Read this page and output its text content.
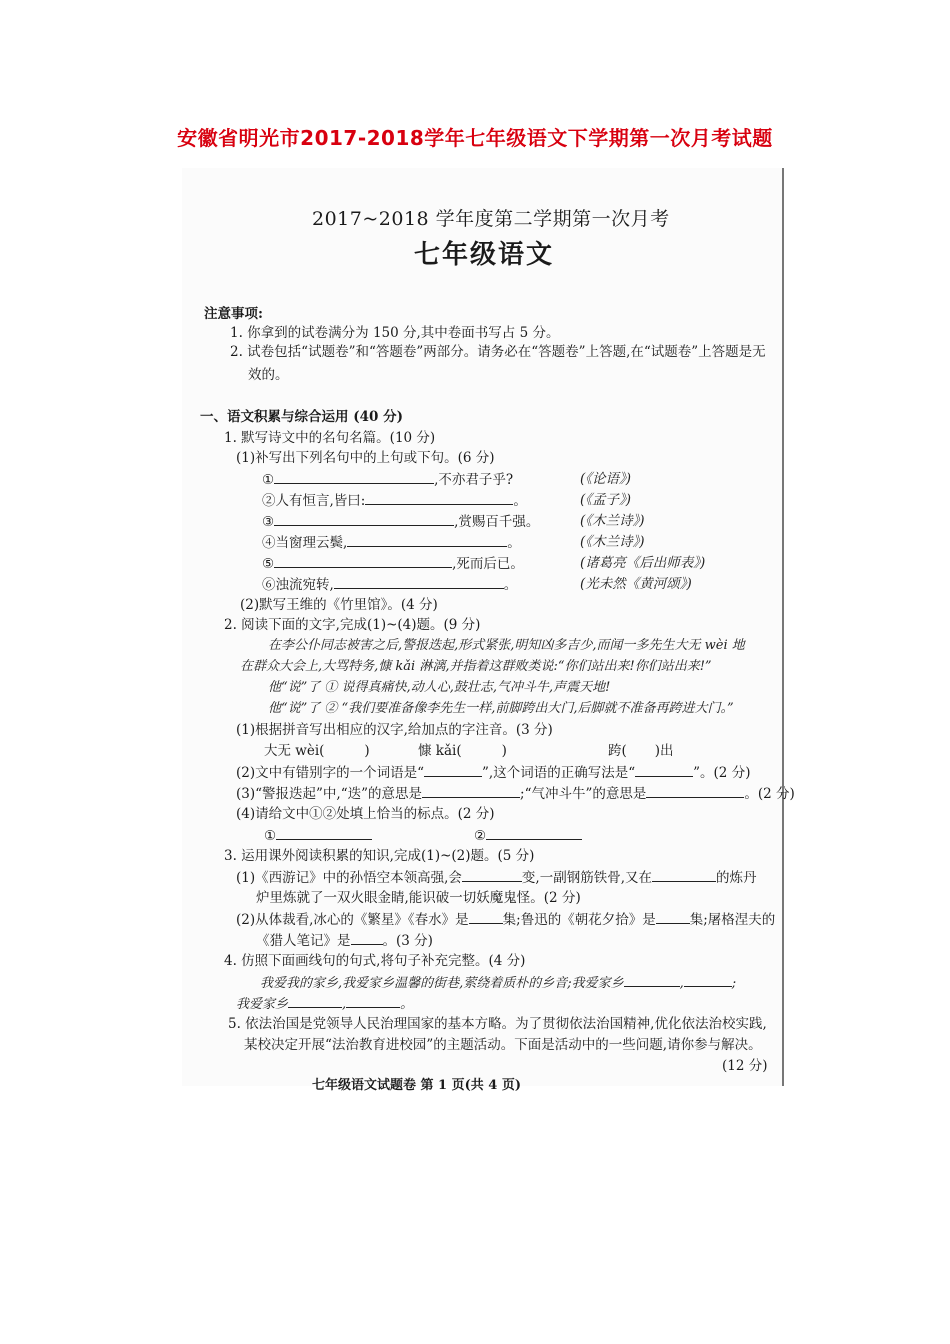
安徽省明光市2017-2018学年七年级语文下学期第一次月考试题
2017~2018 学年度第二学期第一次月考
七年级语文
注意事项:
1. 你拿到的试卷满分为 150 分,其中卷面书写占 5 分。
2. 试卷包括“试题卷”和“答题卷”两部分。请务必在“答题卷”上答题,在“试题卷”上答题是无
效的。
一、语文积累与综合运用 (40 分)
1. 默写诗文中的名句名篇。(10 分)
(1)补写出下列名句中的上句或下句。(6 分)
①	,不亦君子乎?	(《论语》)
②人有恒言,皆曰:	。	(《孟子》)
③	,赏赐百千强。	(《木兰诗》)
④当窗理云鬓,	。	(《木兰诗》)
⑤	,死而后已。	(诸葛亮《后出师表》)
⑥浊流宛转,	。	(光未然《黄河颂》)
(2)默写王维的《竹里馆》。(4 分)
2. 阅读下面的文字,完成(1)~(4)题。(9 分)
在李公仆同志被害之后,警报迭起,形式紧张,明知凶多吉少,而闻一多先生大无 wèi 地
在群众大会上,大骂特务,慷 kǎi 淋漓,并指着这群败类说:“你们站出来!你们站出来!”
他“说”了 ① 说得真痛快,动人心,鼓壮志,气冲斗牛,声震天地!
他“说”了 ② “我们要准备像李先生一样,前脚跨出大门,后脚就不准备再跨进大门。”
(1)根据拼音写出相应的汉字,给加点的字注音。(3 分)
大无 wèi(	)	慷 kǎi(	)	跨( )出
(2)文中有错别字的一个词语是“	”,这个词语的正确写法是“	”。(2 分)
(3)“警报迭起”中,“迭”的意思是	;“气冲斗牛”的意思是	。(2 分)
(4)请给文中①②处填上恰当的标点。(2 分)
①	②
3. 运用课外阅读积累的知识,完成(1)~(2)题。(5 分)
(1)《西游记》中的孙悟空本领高强,会	变,一副钢筋铁骨,又在	的炼丹
炉里炼就了一双火眼金睛,能识破一切妖魔鬼怪。(2 分)
(2)从体裁看,冰心的《繁星》《春水》是	集;鲁迅的《朝花夕拾》是	集;屠格涅夫的
《猎人笔记》是 。(3 分)
4. 仿照下面画线句的句式,将句子补充完整。(4 分)
我爱我的家乡,我爱家乡温馨的街巷,萦绕着质朴的乡音;我爱家乡	,	;
我爱家乡	,	。
5. 依法治国是党领导人民治理国家的基本方略。为了贯彻依法治国精神,优化依法治校实践,
某校决定开展“法治教育进校园”的主题活动。下面是活动中的一些问题,请你参与解决。
(12 分)
七年级语文试题卷 第 1 页(共 4 页)
